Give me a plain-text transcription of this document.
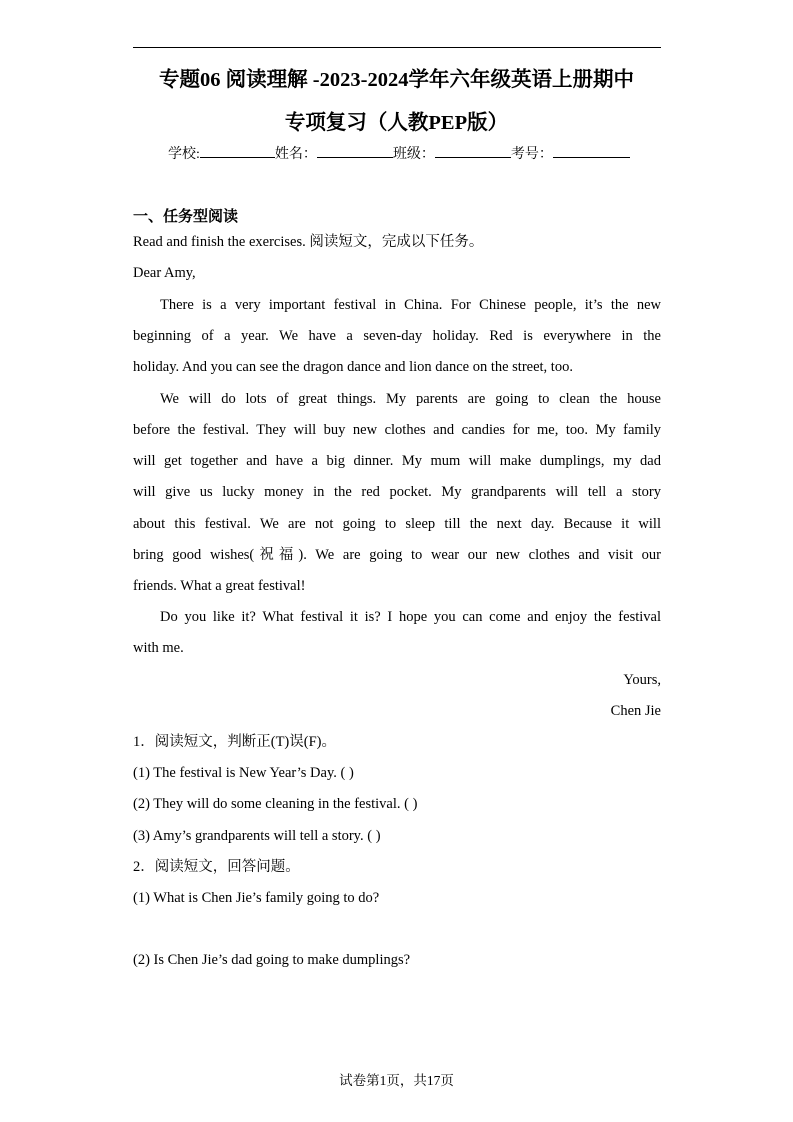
专题06 阅读理解 -2023-2024学年六年级英语上册期中
专项复习（人教PEP版）
学校:	姓名：	班级：	考号：
一、任务型阅读
Read and finish the exercises. 阅读短文，完成以下任务。
Dear Amy,
There is a very important festival in China. For Chinese people, it’s the new
beginning of a year. We have a seven-day holiday. Red is everywhere in the
holiday. And you can see the dragon dance and lion dance on the street, too.
We will do lots of great things. My parents are going to clean the house
before the festival. They will buy new clothes and candies for me, too. My family
will get together and have a big dinner. My mum will make dumplings, my dad
will give us lucky money in the red pocket. My grandparents will tell a story
about this festival. We are not going to sleep till the next day. Because it will
bring good wishes(祝福). We are going to wear our new clothes and visit our
friends. What a great festival!
Do you like it? What festival it is? I hope you can come and enjoy the festival
with me.
Yours,
Chen Jie
1．阅读短文，判断正(T)误(F)。
(1) The festival is New Year’s Day. ( )
(2) They will do some cleaning in the festival. ( )
(3) Amy’s grandparents will tell a story. ( )
2．阅读短文，回答问题。
(1) What is Chen Jie’s family going to do?
(2) Is Chen Jie’s dad going to make dumplings?
试卷第1页，共17页
